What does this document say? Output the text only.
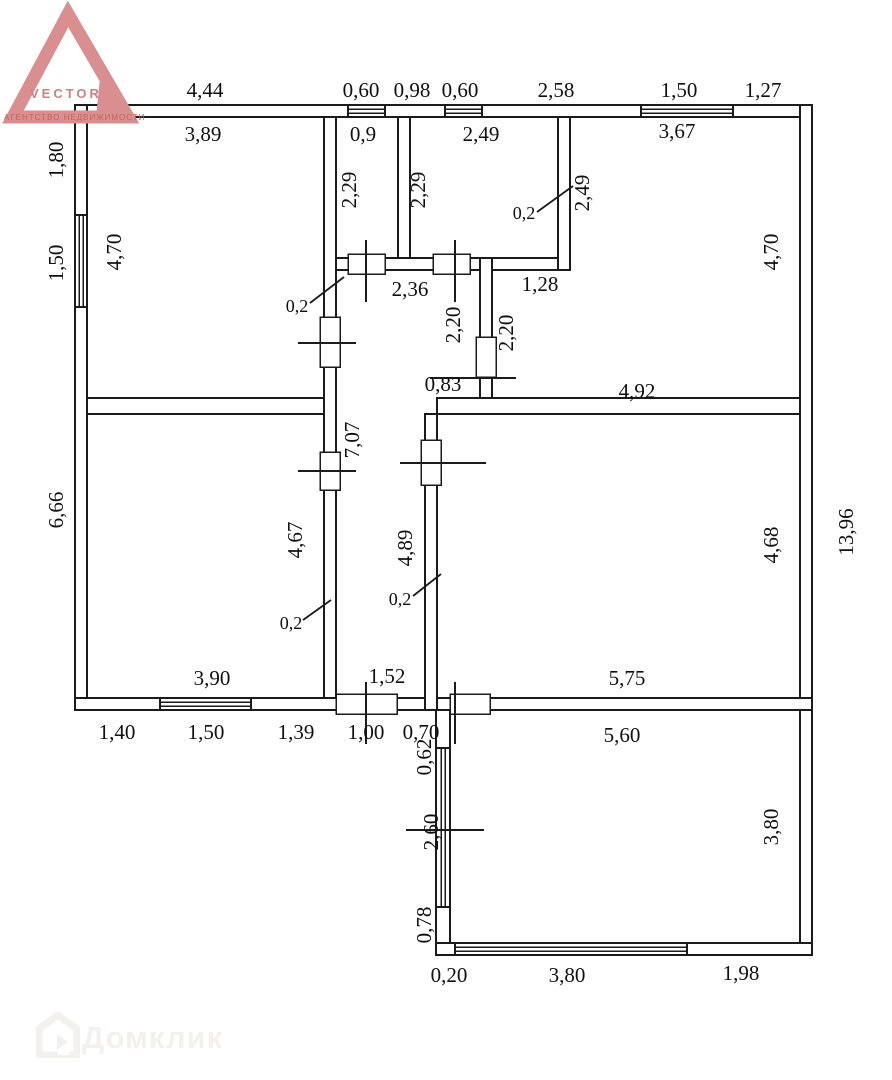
4,44	0,60 0,98 0,60	2,58	1,50 1,27
3,89	0,9	2,49	3,67
0,2
2,36	1,28
0,2
0,83	4,92
0,2
0,2
3,90	1,52	5,75
1,40 1,50	1,39 1,00 0,70	5,60
0,20	3,80	1,98
1,80
1,50
6,66
4,70
2,29 2,29	2,49
4,70
2,20 2,20
7,07
4,67	4,89	4,68 13,96
0,62
2,60
0,78
3,80
VECTOR
АГЕНТСТВО НЕДВИЖИМОСТИ
Домклик
